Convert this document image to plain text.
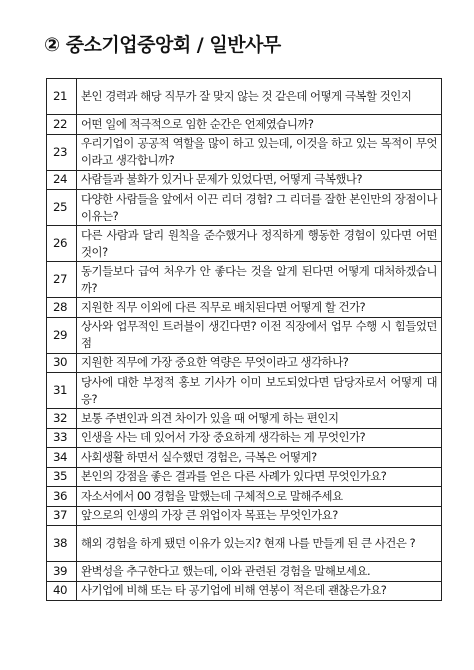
② 중소기업중앙회 / 일반사무
21	본인 경력과 해당 직무가 잘 맞지 않는 것 같은데 어떻게 극복할 것인지
22	어떤 일에 적극적으로 임한 순간은 언제였습니까?
23	우리기업이 공공적 역할을 많이 하고 있는데, 이것을 하고 있는 목적이 무엇이라고 생각합니까?
24	사람들과 불화가 있거나 문제가 있었다면, 어떻게 극복했나?
25	다양한 사람들을 앞에서 이끈 리더 경험? 그 리더를 잘한 본인만의 장점이나 이유는?
26	다른 사람과 달리 원칙을 준수했거나 정직하게 행동한 경험이 있다면 어떤 것이?
27	동기들보다 급여 처우가 안 좋다는 것을 알게 된다면 어떻게 대처하겠습니까?
28	지원한 직무 이외에 다른 직무로 배치된다면 어떻게 할 건가?
29	상사와 업무적인 트러블이 생긴다면? 이전 직장에서 업무 수행 시 힘들었던 점
30	지원한 직무에 가장 중요한 역량은 무엇이라고 생각하나?
31	당사에 대한 부정적 홍보 기사가 이미 보도되었다면 담당자로서 어떻게 대응?
32	보통 주변인과 의견 차이가 있을 때 어떻게 하는 편인지
33	인생을 사는 데 있어서 가장 중요하게 생각하는 게 무엇인가?
34	사회생활 하면서 실수했던 경험은, 극복은 어떻게?
35	본인의 강점을 좋은 결과를 얻은 다른 사례가 있다면 무엇인가요?
36	자소서에서 00 경험을 말했는데 구체적으로 말해주세요
37	앞으로의 인생의 가장 큰 위업이자 목표는 무엇인가요?
38	해외 경험을 하게 됐던 이유가 있는지? 현재 나를 만들게 된 큰 사건은 ?
39	완벽성을 추구한다고 했는데, 이와 관련된 경험을 말해보세요.
40	사기업에 비해 또는 타 공기업에 비해 연봉이 적은데 괜찮은가요?
